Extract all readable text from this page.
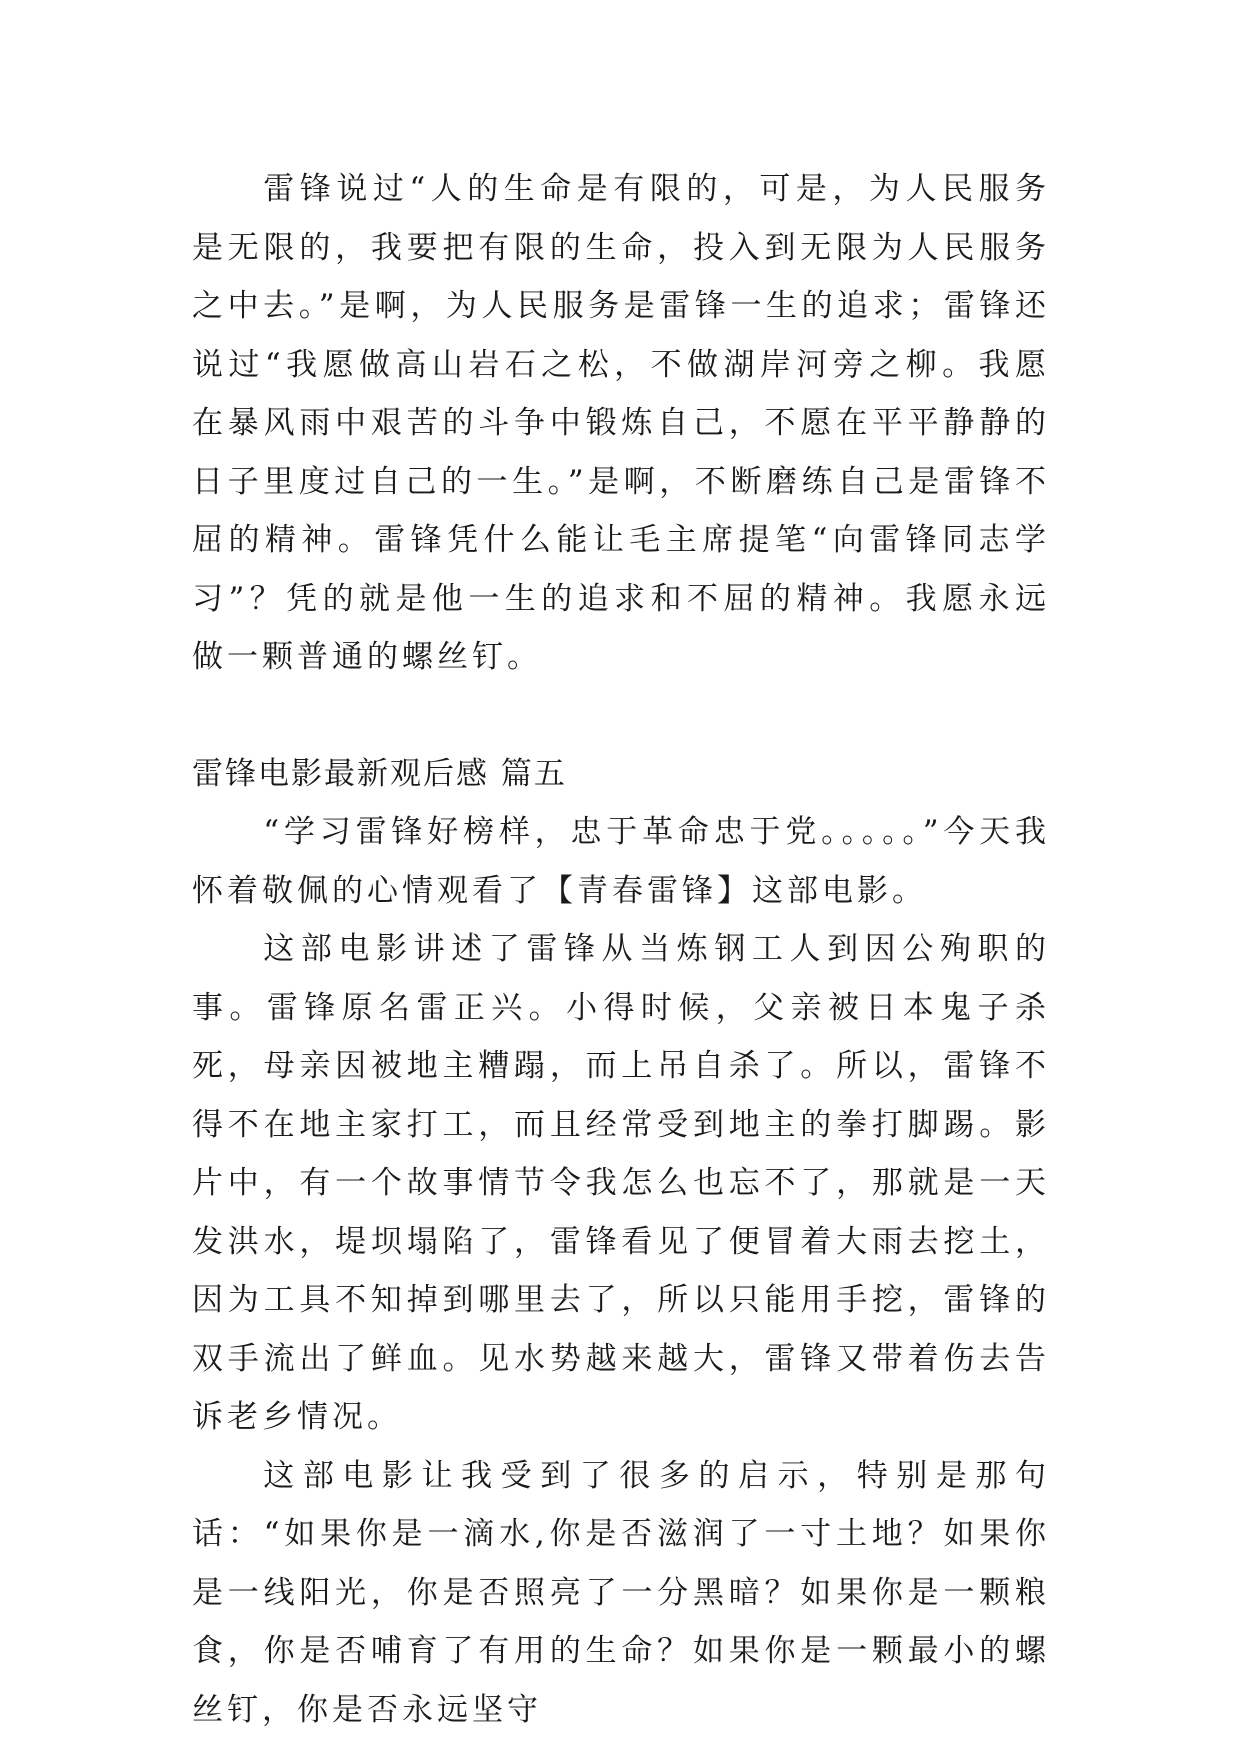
雷锋说过“人的生命是有限的，可是，为人民服务是无限的，我要把有限的生命，投入到无限为人民服务之中去。”是啊，为人民服务是雷锋一生的追求；雷锋还说过“我愿做高山岩石之松，不做湖岸河旁之柳。我愿在暴风雨中艰苦的斗争中锻炼自己，不愿在平平静静的日子里度过自己的一生。”是啊，不断磨练自己是雷锋不屈的精神。雷锋凭什么能让毛主席提笔“向雷锋同志学习”？凭的就是他一生的追求和不屈的精神。我愿永远做一颗普通的螺丝钉。

雷锋电影最新观后感 篇五

“学习雷锋好榜样，忠于革命忠于党。。。。。”今天我怀着敬佩的心情观看了【青春雷锋】这部电影。

这部电影讲述了雷锋从当炼钢工人到因公殉职的事。雷锋原名雷正兴。小得时候，父亲被日本鬼子杀死，母亲因被地主糟蹋，而上吊自杀了。所以，雷锋不得不在地主家打工，而且经常受到地主的拳打脚踢。影片中，有一个故事情节令我怎么也忘不了，那就是一天发洪水，堤坝塌陷了，雷锋看见了便冒着大雨去挖土，因为工具不知掉到哪里去了，所以只能用手挖，雷锋的双手流出了鲜血。见水势越来越大，雷锋又带着伤去告诉老乡情况。

这部电影让我受到了很多的启示，特别是那句话：“如果你是一滴水,你是否滋润了一寸土地？如果你是一线阳光，你是否照亮了一分黑暗？如果你是一颗粮食，你是否哺育了有用的生命？如果你是一颗最小的螺丝钉，你是否永远坚守
